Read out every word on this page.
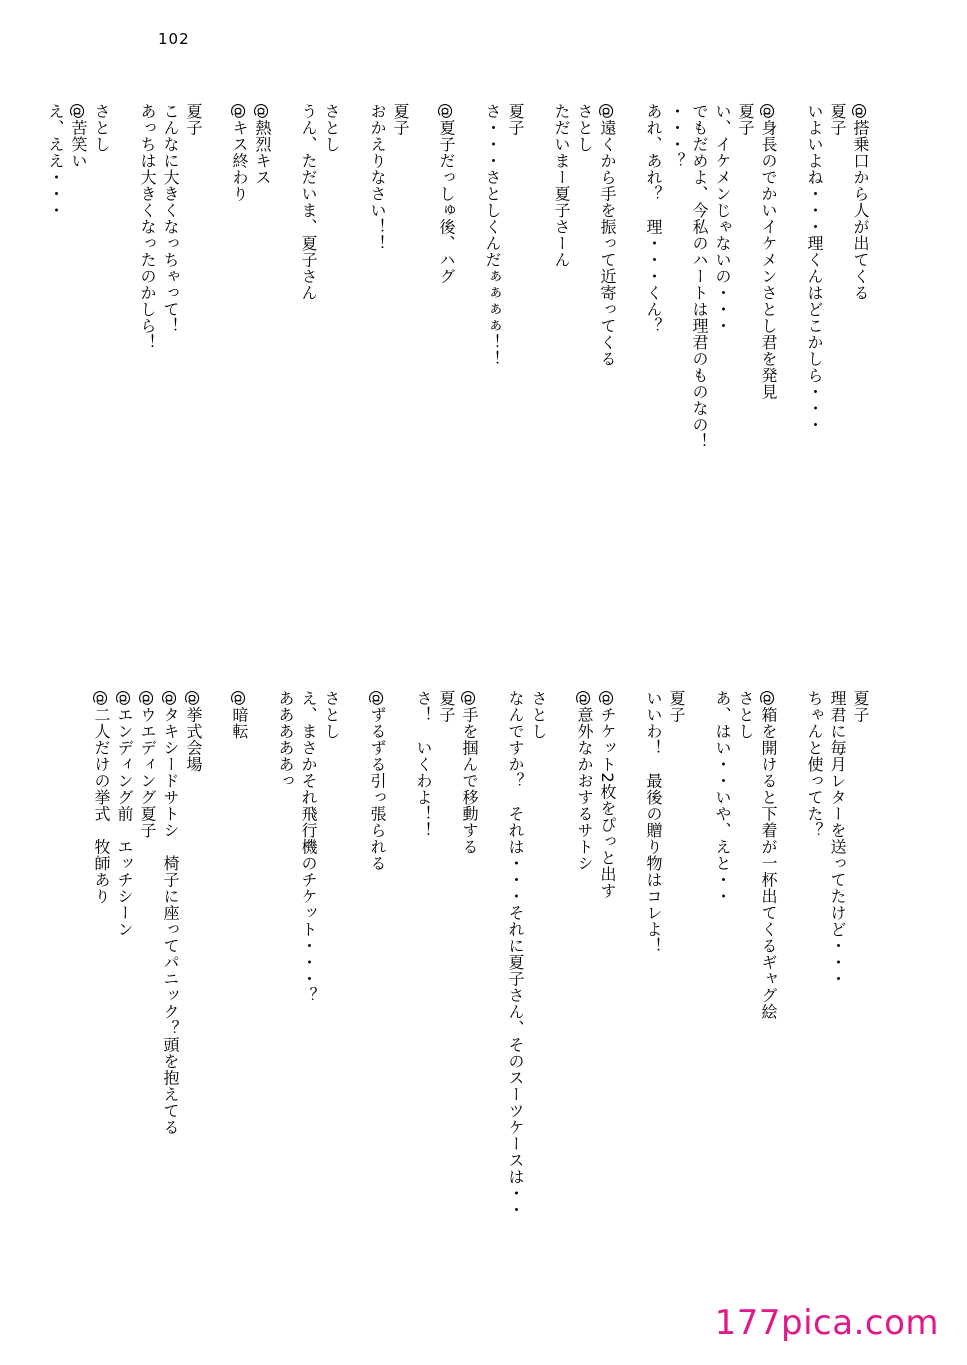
102
@搭乗口から人が出てくる
夏子
いよいよね・・・理くんはどこかしら・・・
@身長のでかいイケメンさとし君を発見
夏子
い、イケメンじゃないの・・・
でもだめよ、今私のハートは理君のものなの！
・・・？
あれ、あれ？　理・・・くん？
@遠くから手を振って近寄ってくる
さとし
ただいまー夏子さーん
夏子
さ・・・さとしくんだぁぁぁぁ！！
@夏子だっしゅ後、ハグ
夏子
おかえりなさい！！
さとし
うん、ただいま、夏子さん
@熱烈キス
@キス終わり
夏子
こんなに大きくなっちゃって！
あっちは大きくなったのかしら！
さとし
@苦笑い
え、ええ・・・
夏子
理君に毎月レターを送ってたけど・・・
ちゃんと使ってた？
@箱を開けると下着が一杯出てくるギャグ絵
さとし
あ、はい・・いや、えと・・
夏子
いいわ！　最後の贈り物はコレよ！
@チケット2枚をぴっと出す
@意外なかおするサトシ
さとし
なんですか？　それは・・・それに夏子さん、そのスーツケースは・・
@手を掴んで移動する
夏子
さ！　いくわよ！！
@ずるずる引っ張られる
さとし
え、まさかそれ飛行機のチケット・・・？
あああああっ
@暗転
@挙式会場
@タキシードサトシ　椅子に座ってパニック？頭を抱えてる
@ウエディング夏子
@エンディング前　エッチシーン
@二人だけの挙式　牧師あり
177pica.com
